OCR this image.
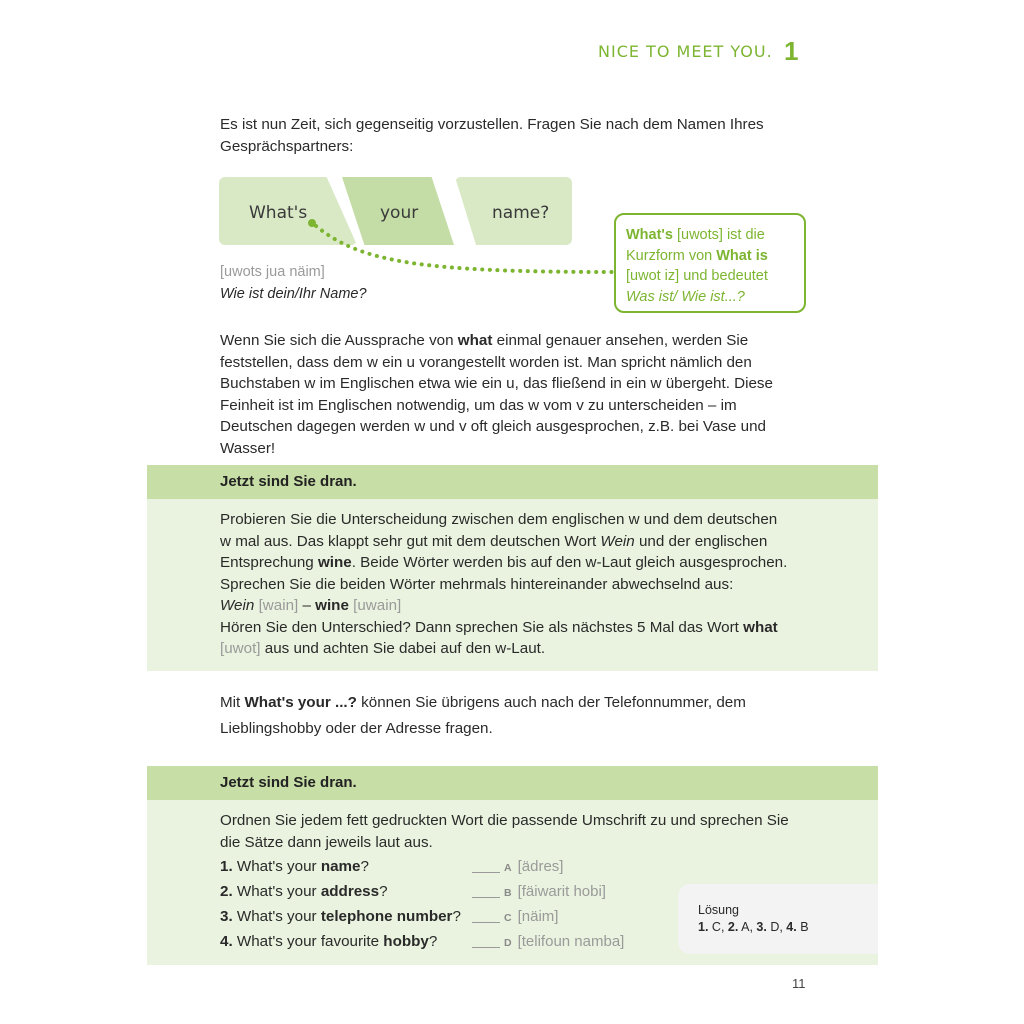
NICE TO MEET YOU. 1
Es ist nun Zeit, sich gegenseitig vorzustellen. Fragen Sie nach dem Namen Ihres Gesprächspartners:
What's	your	name?
What's [uwots] ist die Kurzform von What is [uwot iz] und bedeutet
Was ist/ Wie ist...?
[uwots jua näim]
Wie ist dein/Ihr Name?
Wenn Sie sich die Aussprache von what einmal genauer ansehen, werden Sie feststellen, dass dem w ein u vorangestellt worden ist. Man spricht nämlich den Buchstaben w im Englischen etwa wie ein u, das fließend in ein w übergeht. Diese Feinheit ist im Englischen notwendig, um das w vom v zu unterscheiden – im Deutschen dagegen werden w und v oft gleich ausgesprochen, z.B. bei Vase und Wasser!
Jetzt sind Sie dran.
Probieren Sie die Unterscheidung zwischen dem englischen w und dem deutschen w mal aus. Das klappt sehr gut mit dem deutschen Wort Wein und der englischen Entsprechung wine. Beide Wörter werden bis auf den w-Laut gleich ausgesprochen. Sprechen Sie die beiden Wörter mehrmals hintereinander abwechselnd aus:
Wein [wain] – wine [uwain]
Hören Sie den Unterschied? Dann sprechen Sie als nächstes 5 Mal das Wort what [uwot] aus und achten Sie dabei auf den w-Laut.
Mit What's your ...? können Sie übrigens auch nach der Telefonnummer, dem Lieblingshobby oder der Adresse fragen.
Jetzt sind Sie dran.
Ordnen Sie jedem fett gedruckten Wort die passende Umschrift zu und sprechen Sie die Sätze dann jeweils laut aus.
1. What's your name?
2. What's your address?
3. What's your telephone number?
4. What's your favourite hobby?
A [ädres]
B [fäiwarit hobi]
C [näim]
D [telifoun namba]
Lösung
1. C, 2. A, 3. D, 4. B
11
